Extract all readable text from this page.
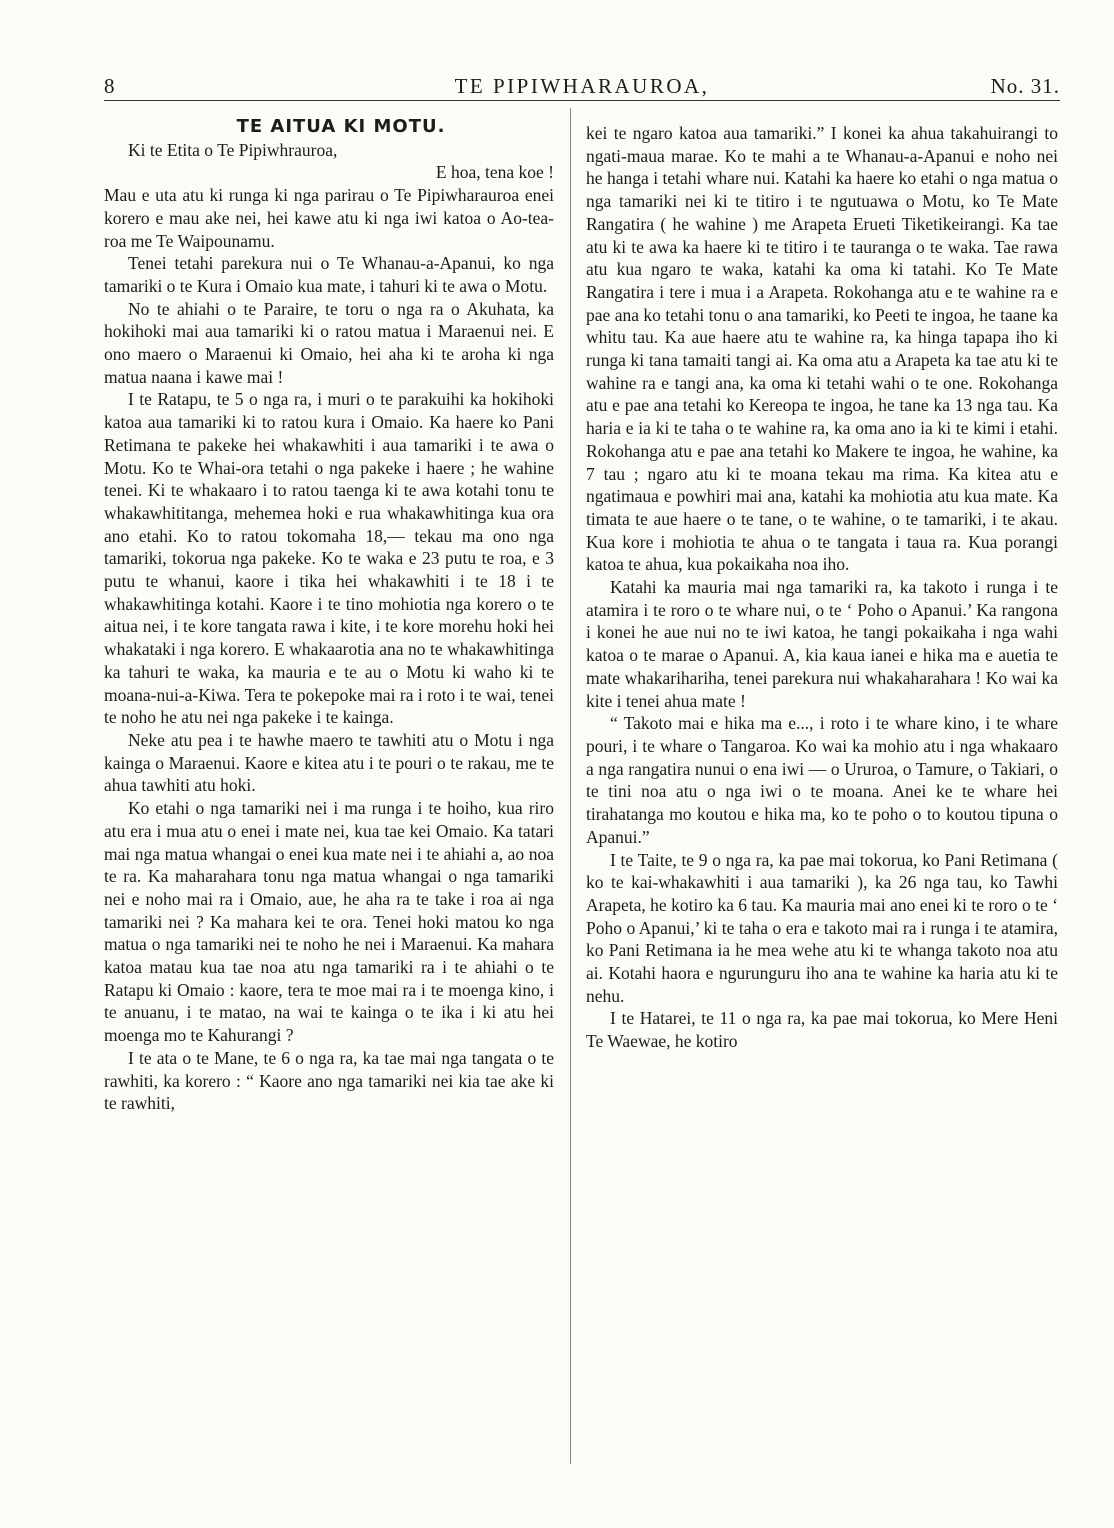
8	TE PIPIWHARAUROA,	No. 31.

TE AITUA KI MOTU.

Ki te Etita o Te Pipiwhrauroa,

E hoa, tena koe !

Mau e uta atu ki runga ki nga parirau o Te Pipiwharauroa enei korero e mau ake nei, hei kawe atu ki nga iwi katoa o Ao-tea-roa me Te Waipounamu.

Tenei tetahi parekura nui o Te Whanau-a-Apanui, ko nga tamariki o te Kura i Omaio kua mate, i tahuri ki te awa o Motu.

No te ahiahi o te Paraire, te toru o nga ra o Akuhata, ka hokihoki mai aua tamariki ki o ratou matua i Maraenui nei. E ono maero o Maraenui ki Omaio, hei aha ki te aroha ki nga matua naana i kawe mai !

I te Ratapu, te 5 o nga ra, i muri o te parakuihi ka hokihoki katoa aua tamariki ki to ratou kura i Omaio. Ka haere ko Pani Retimana te pakeke hei whakawhiti i aua tamariki i te awa o Motu. Ko te Whai-ora tetahi o nga pakeke i haere ; he wahine tenei. Ki te whakaaro i to ratou taenga ki te awa kotahi tonu te whakawhititanga, mehemea hoki e rua whakawhitinga kua ora ano etahi. Ko to ratou tokomaha 18,— tekau ma ono nga tamariki, tokorua nga pakeke. Ko te waka e 23 putu te roa, e 3 putu te whanui, kaore i tika hei whakawhiti i te 18 i te whakawhitinga kotahi. Kaore i te tino mohiotia nga korero o te aitua nei, i te kore tangata rawa i kite, i te kore morehu hoki hei whakataki i nga korero. E whakaarotia ana no te whakawhitinga ka tahuri te waka, ka mauria e te au o Motu ki waho ki te moana-nui-a-Kiwa. Tera te pokepoke mai ra i roto i te wai, tenei te noho he atu nei nga pakeke i te kainga.

Neke atu pea i te hawhe maero te tawhiti atu o Motu i nga kainga o Maraenui. Kaore e kitea atu i te pouri o te rakau, me te ahua tawhiti atu hoki.

Ko etahi o nga tamariki nei i ma runga i te hoiho, kua riro atu era i mua atu o enei i mate nei, kua tae kei Omaio. Ka tatari mai nga matua whangai o enei kua mate nei i te ahiahi a, ao noa te ra. Ka maharahara tonu nga matua whangai o nga tamariki nei e noho mai ra i Omaio, aue, he aha ra te take i roa ai nga tamariki nei ? Ka mahara kei te ora. Tenei hoki matou ko nga matua o nga tamariki nei te noho he nei i Maraenui. Ka mahara katoa matau kua tae noa atu nga tamariki ra i te ahiahi o te Ratapu ki Omaio : kaore, tera te moe mai ra i te moenga kino, i te anuanu, i te matao, na wai te kainga o te ika i ki atu hei moenga mo te Kahurangi ?

I te ata o te Mane, te 6 o nga ra, ka tae mai nga tangata o te rawhiti, ka korero : “ Kaore ano nga tamariki nei kia tae ake ki te rawhiti,

kei te ngaro katoa aua tamariki.” I konei ka ahua takahuirangi to ngati-maua marae. Ko te mahi a te Whanau-a-Apanui e noho nei he hanga i tetahi whare nui. Katahi ka haere ko etahi o nga matua o nga tamariki nei ki te titiro i te ngutuawa o Motu, ko Te Mate Rangatira ( he wahine ) me Arapeta Erueti Tiketikeirangi. Ka tae atu ki te awa ka haere ki te titiro i te tauranga o te waka. Tae rawa atu kua ngaro te waka, katahi ka oma ki tatahi. Ko Te Mate Rangatira i tere i mua i a Arapeta. Rokohanga atu e te wahine ra e pae ana ko tetahi tonu o ana tamariki, ko Peeti te ingoa, he taane ka whitu tau. Ka aue haere atu te wahine ra, ka hinga tapapa iho ki runga ki tana tamaiti tangi ai. Ka oma atu a Arapeta ka tae atu ki te wahine ra e tangi ana, ka oma ki tetahi wahi o te one. Rokohanga atu e pae ana tetahi ko Kereopa te ingoa, he tane ka 13 nga tau. Ka haria e ia ki te taha o te wahine ra, ka oma ano ia ki te kimi i etahi. Rokohanga atu e pae ana tetahi ko Makere te ingoa, he wahine, ka 7 tau ; ngaro atu ki te moana tekau ma rima. Ka kitea atu e ngatimaua e powhiri mai ana, katahi ka mohiotia atu kua mate. Ka timata te aue haere o te tane, o te wahine, o te tamariki, i te akau. Kua kore i mohiotia te ahua o te tangata i taua ra. Kua porangi katoa te ahua, kua pokaikaha noa iho.

Katahi ka mauria mai nga tamariki ra, ka takoto i runga i te atamira i te roro o te whare nui, o te ‘ Poho o Apanui.’ Ka rangona i konei he aue nui no te iwi katoa, he tangi pokaikaha i nga wahi katoa o te marae o Apanui. A, kia kaua ianei e hika ma e auetia te mate whakarihariha, tenei parekura nui whakaharahara ! Ko wai ka kite i tenei ahua mate !

“ Takoto mai e hika ma e..., i roto i te whare kino, i te whare pouri, i te whare o Tangaroa. Ko wai ka mohio atu i nga whakaaro a nga rangatira nunui o ena iwi — o Ururoa, o Tamure, o Takiari, o te tini noa atu o nga iwi o te moana. Anei ke te whare hei tirahatanga mo koutou e hika ma, ko te poho o to koutou tipuna o Apanui.”

I te Taite, te 9 o nga ra, ka pae mai tokorua, ko Pani Retimana ( ko te kai-whakawhiti i aua tamariki ), ka 26 nga tau, ko Tawhi Arapeta, he kotiro ka 6 tau. Ka mauria mai ano enei ki te roro o te ‘ Poho o Apanui,’ ki te taha o era e takoto mai ra i runga i te atamira, ko Pani Retimana ia he mea wehe atu ki te whanga takoto noa atu ai. Kotahi haora e ngurunguru iho ana te wahine ka haria atu ki te nehu.

I te Hatarei, te 11 o nga ra, ka pae mai tokorua, ko Mere Heni Te Waewae, he kotiro
